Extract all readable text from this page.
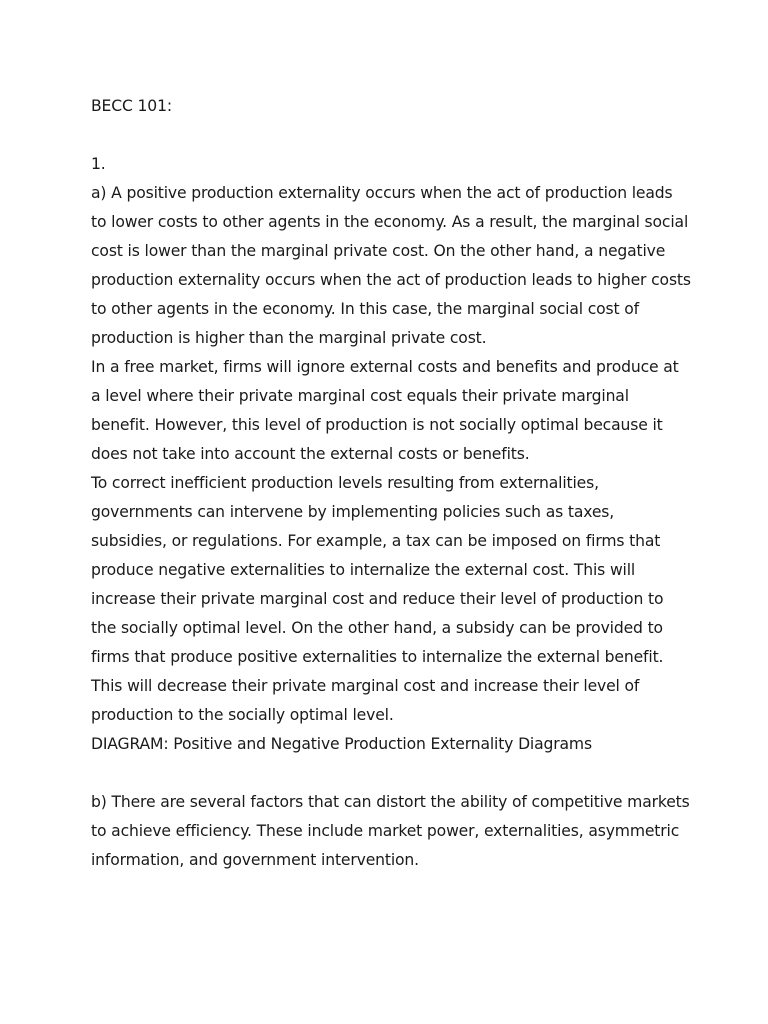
BECC 101:

1.

a) A positive production externality occurs when the act of production leads to lower costs to other agents in the economy. As a result, the marginal social cost is lower than the marginal private cost. On the other hand, a negative production externality occurs when the act of production leads to higher costs to other agents in the economy. In this case, the marginal social cost of production is higher than the marginal private cost.

In a free market, firms will ignore external costs and benefits and produce at a level where their private marginal cost equals their private marginal benefit. However, this level of production is not socially optimal because it does not take into account the external costs or benefits.

To correct inefficient production levels resulting from externalities, governments can intervene by implementing policies such as taxes, subsidies, or regulations. For example, a tax can be imposed on firms that produce negative externalities to internalize the external cost. This will increase their private marginal cost and reduce their level of production to the socially optimal level. On the other hand, a subsidy can be provided to firms that produce positive externalities to internalize the external benefit. This will decrease their private marginal cost and increase their level of production to the socially optimal level.

DIAGRAM: Positive and Negative Production Externality Diagrams

b) There are several factors that can distort the ability of competitive markets to achieve efficiency. These include market power, externalities, asymmetric information, and government intervention.
